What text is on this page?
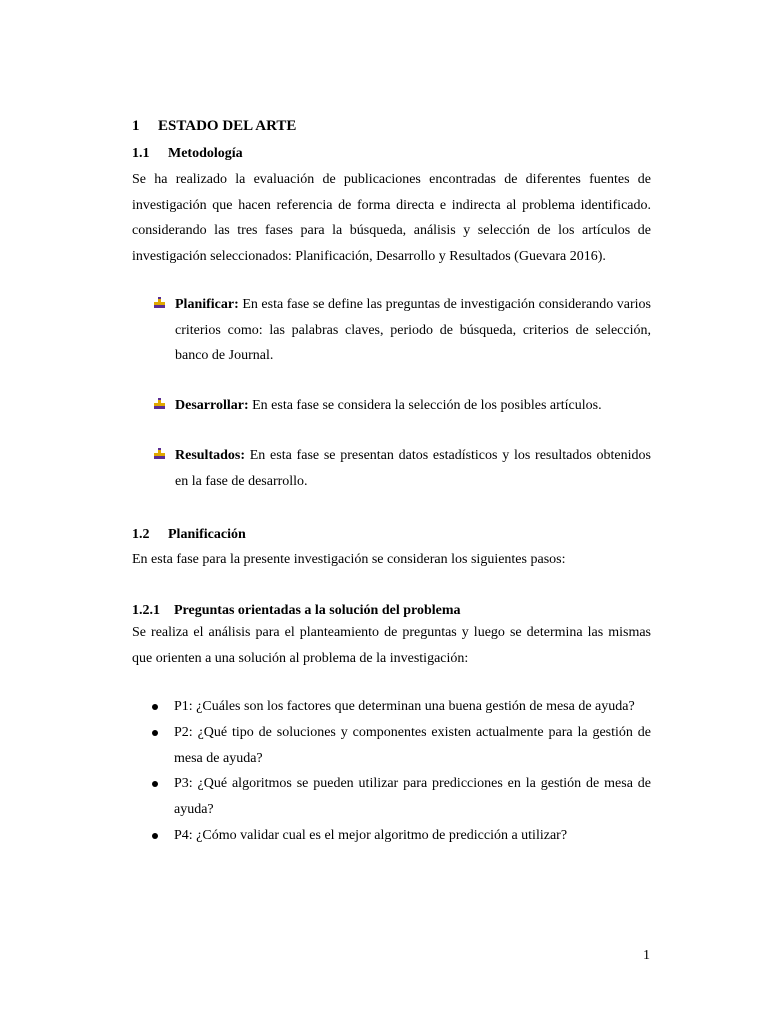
1 ESTADO DEL ARTE
1.1 Metodología
Se ha realizado la evaluación de publicaciones encontradas de diferentes fuentes de
investigación que hacen referencia de forma directa e indirecta al problema identificado.
considerando las tres fases para la búsqueda, análisis y selección de los artículos de
investigación seleccionados: Planificación, Desarrollo y Resultados (Guevara 2016).
Planificar: En esta fase se define las preguntas de investigación considerando varios
criterios como: las palabras claves, periodo de búsqueda, criterios de selección,
banco de Journal.
Desarrollar: En esta fase se considera la selección de los posibles artículos.
Resultados: En esta fase se presentan datos estadísticos y los resultados obtenidos
en la fase de desarrollo.
1.2 Planificación
En esta fase para la presente investigación se consideran los siguientes pasos:
1.2.1 Preguntas orientadas a la solución del problema
Se realiza el análisis para el planteamiento de preguntas y luego se determina las mismas
que orienten a una solución al problema de la investigación:
P1: ¿Cuáles son los factores que determinan una buena gestión de mesa de ayuda?
P2: ¿Qué tipo de soluciones y componentes existen actualmente para la gestión de
mesa de ayuda?
P3: ¿Qué algoritmos se pueden utilizar para predicciones en la gestión de mesa de
ayuda?
P4: ¿Cómo validar cual es el mejor algoritmo de predicción a utilizar?
1
